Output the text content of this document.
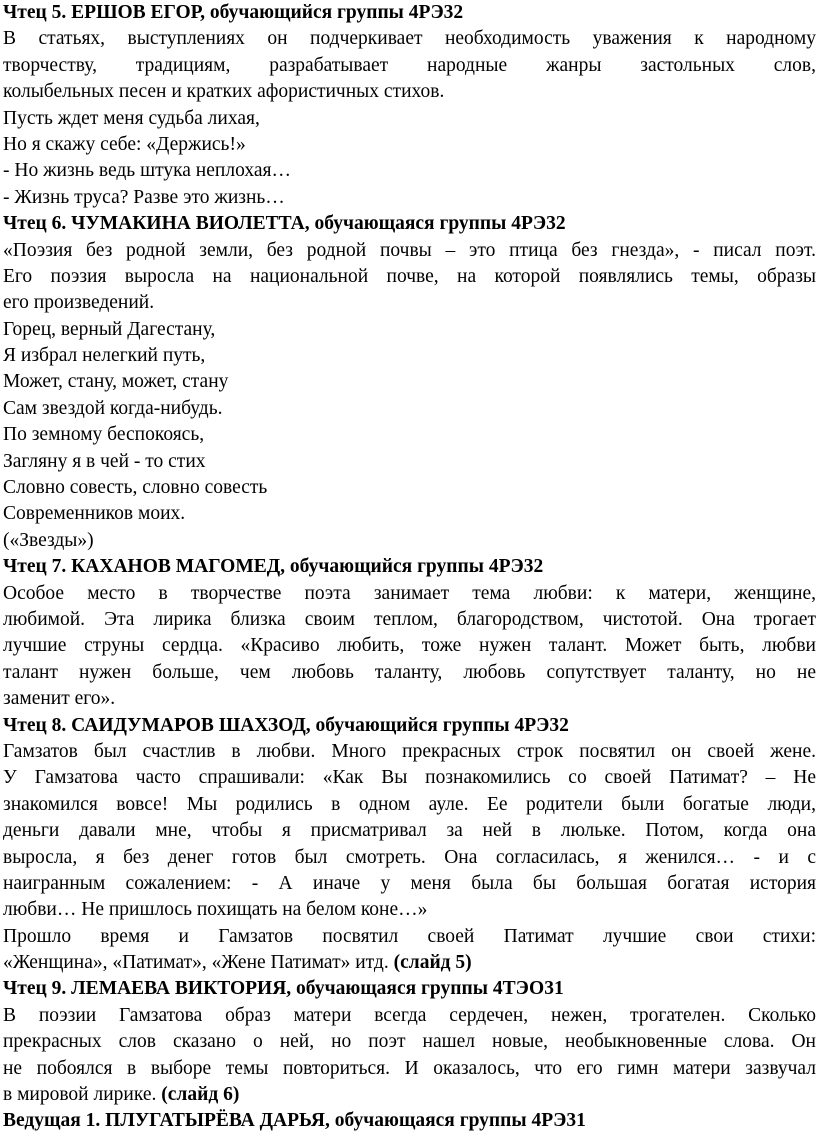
Чтец 5. ЕРШОВ ЕГОР, обучающийся группы 4РЭ32
В статьях, выступлениях он подчеркивает необходимость уважения к народному
творчеству, традициям, разрабатывает народные жанры застольных слов,
колыбельных песен и кратких афористичных стихов.
Пусть ждет меня судьба лихая,
Но я скажу себе: «Держись!»
- Но жизнь ведь штука неплохая…
- Жизнь труса? Разве это жизнь…
Чтец 6. ЧУМАКИНА ВИОЛЕТТА, обучающаяся группы 4РЭ32
«Поэзия без родной земли, без родной почвы – это птица без гнезда», - писал поэт.
Его поэзия выросла на национальной почве, на которой появлялись темы, образы
его произведений.
Горец, верный Дагестану,
Я избрал нелегкий путь,
Может, стану, может, стану
Сам звездой когда-нибудь.
По земному беспокоясь,
Загляну я в чей - то стих
Словно совесть, словно совесть
Современников моих.
(«Звезды»)
Чтец 7. КАХАНОВ МАГОМЕД, обучающийся группы 4РЭ32
Особое место в творчестве поэта занимает тема любви: к матери, женщине,
любимой. Эта лирика близка своим теплом, благородством, чистотой. Она трогает
лучшие струны сердца. «Красиво любить, тоже нужен талант. Может быть, любви
талант нужен больше, чем любовь таланту, любовь сопутствует таланту, но не
заменит его».
Чтец 8. САИДУМАРОВ ШАХЗОД, обучающийся группы 4РЭ32
Гамзатов был счастлив в любви. Много прекрасных строк посвятил он своей жене.
У Гамзатова часто спрашивали: «Как Вы познакомились со своей Патимат? – Не
знакомился вовсе! Мы родились в одном ауле. Ее родители были богатые люди,
деньги давали мне, чтобы я присматривал за ней в люльке. Потом, когда она
выросла, я без денег готов был смотреть. Она согласилась, я женился… - и с
наигранным сожалением: - А иначе у меня была бы большая богатая история
любви… Не пришлось похищать на белом коне…»
Прошло время и Гамзатов посвятил своей Патимат лучшие свои стихи:
«Женщина», «Патимат», «Жене Патимат» итд. (слайд 5)
Чтец 9. ЛЕМАЕВА ВИКТОРИЯ, обучающаяся группы 4ТЭО31
В поэзии Гамзатова образ матери всегда сердечен, нежен, трогателен. Сколько
прекрасных слов сказано о ней, но поэт нашел новые, необыкновенные слова. Он
не побоялся в выборе темы повториться. И оказалось, что его гимн матери зазвучал
в мировой лирике. (слайд 6)
Ведущая 1. ПЛУГАТЫРЁВА ДАРЬЯ, обучающаяся группы 4РЭ31
